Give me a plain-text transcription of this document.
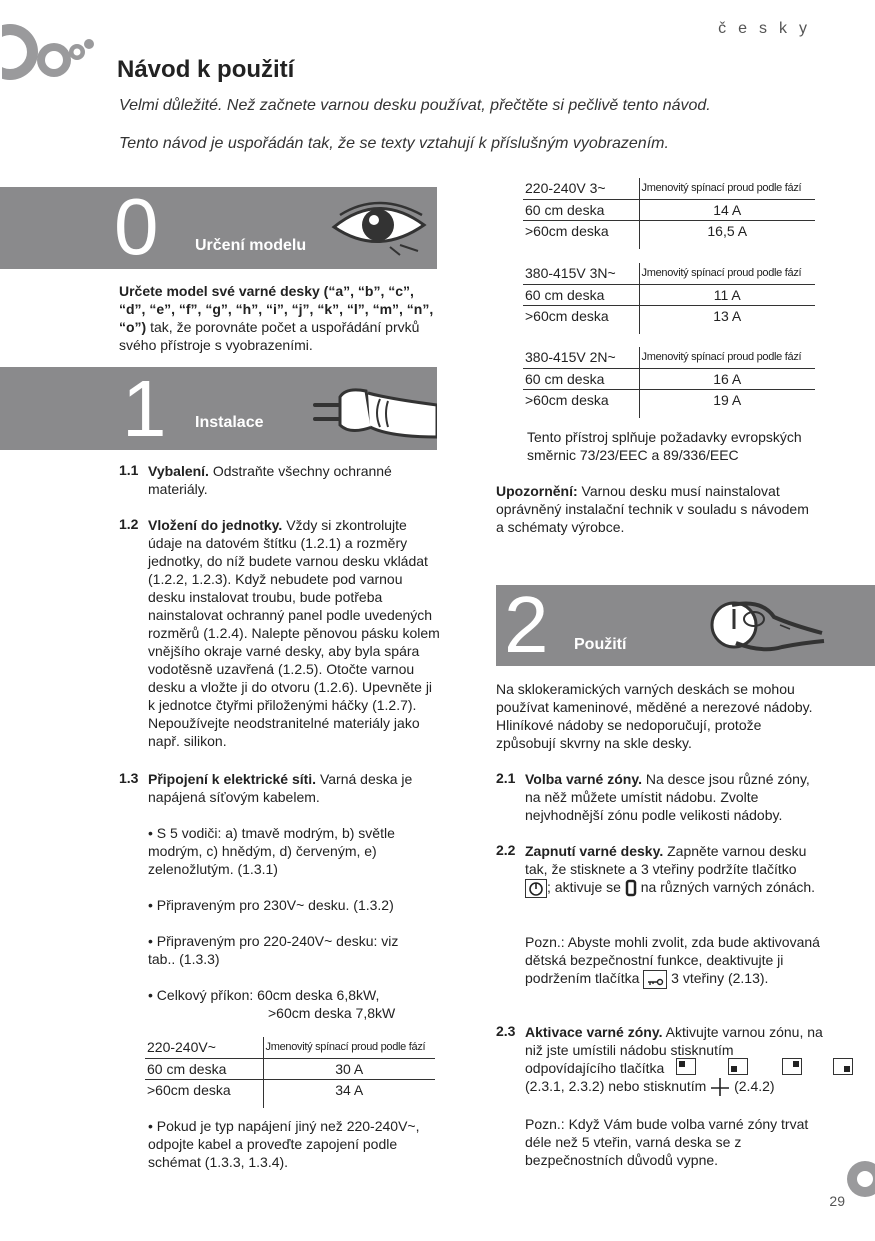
česky
Návod k použití

Velmi důležité. Než začnete varnou desku používat, přečtěte si pečlivě tento návod.

Tento návod je uspořádán tak, že se texty vztahují k příslušným vyobrazením.

0 Určení modelu

Určete model své varné desky (“a”, “b”, “c”, “d”, “e”, “f”, “g”, “h”, “i”, “j”, “k”, “l”, “m”, “n”, “o”) tak, že porovnáte počet a uspořádání prvků svého přístroje s vyobrazeními.

1 Instalace
1.1 Vybalení. Odstraňte všechny ochranné materiály.

1.2 Vložení do jednotky. Vždy si zkontrolujte údaje na datovém štítku (1.2.1) a rozměry jednotky, do níž budete varnou desku vkládat (1.2.2, 1.2.3). Když nebudete pod varnou desku instalovat troubu, bude potřeba nainstalovat ochranný panel podle uvedených rozměrů (1.2.4). Nalepte pěnovou pásku kolem vnějšího okraje varné desky, aby byla spára vodotěsně uzavřená (1.2.5). Otočte varnou desku a vložte ji do otvoru (1.2.6). Upevněte ji k jednotce čtyřmi přiloženými háčky (1.2.7). Nepoužívejte neodstranitelné materiály jako např. silikon.

1.3 Připojení k elektrické síti. Varná deska je napájená síťovým kabelem.

• S 5 vodiči: a) tmavě modrým, b) světle modrým, c) hnědým, d) červeným, e) zelenožlutým. (1.3.1)

• Připraveným pro 230V~ desku. (1.3.2)

• Připraveným pro 220-240V~ desku: viz tab.. (1.3.3)

• Celkový příkon: 60cm deska 6,8kW,

>60cm deska 7,8kW

220-240V~	Jmenovitý spínací proud podle fází
60 cm deska	30 A
>60cm deska	34 A

• Pokud je typ napájení jiný než 220-240V~, odpojte kabel a proveďte zapojení podle schémat (1.3.3, 1.3.4).

220-240V 3~	Jmenovitý spínací proud podle fází
60 cm deska	14 A
>60cm deska	16,5 A
380-415V 3N~	Jmenovitý spínací proud podle fází
60 cm deska	11 A
>60cm deska	13 A
380-415V 2N~	Jmenovitý spínací proud podle fází
60 cm deska	16 A
>60cm deska	19 A

Tento přístroj splňuje požadavky evropských směrnic 73/23/EEC a 89/336/EEC

Upozornění: Varnou desku musí nainstalovat oprávněný instalační technik v souladu s návodem a schématy výrobce.

2 Použití

Na sklokeramických varných deskách se mohou používat kameninové, měděné a nerezové nádoby. Hliníkové nádoby se nedoporučují, protože způsobují skvrny na skle desky.

2.1 Volba varné zóny. Na desce jsou různé zóny, na něž můžete umístit nádobu. Zvolte nejvhodnější zónu podle velikosti nádoby.

2.2 Zapnutí varné desky. Zapněte varnou desku tak, že stisknete a 3 vteřiny podržíte tlačítko

; aktivuje se na různých varných zónách.

Pozn.: Abyste mohli zvolit, zda bude aktivovaná dětská bezpečnostní funkce, deaktivujte ji podržením tlačítka 3 vteřiny (2.13).

2.3 Aktivace varné zóny. Aktivujte varnou zónu, na niž jste umístili nádobu stisknutím odpovídajícího tlačítka

(2.3.1, 2.3.2) nebo stisknutím (2.4.2)

Pozn.: Když Vám bude volba varné zóny trvat déle než 5 vteřin, varná deska se z bezpečnostních důvodů vypne.

29
